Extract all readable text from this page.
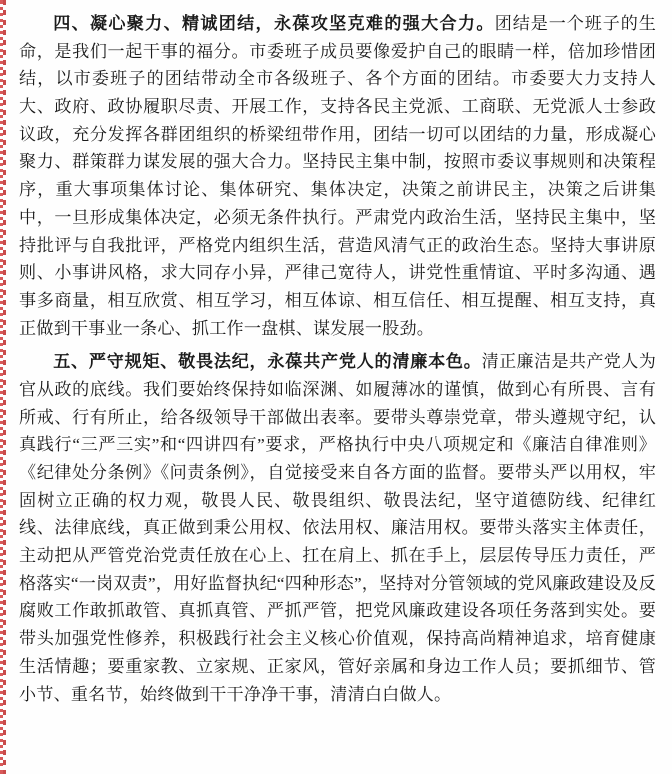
四、凝心聚力、精诚团结，永葆攻坚克难的强大合力。团结是一个班子的生命，是我们一起干事的福分。市委班子成员要像爱护自己的眼睛一样，倍加珍惜团结，以市委班子的团结带动全市各级班子、各个方面的团结。市委要大力支持人大、政府、政协履职尽责、开展工作，支持各民主党派、工商联、无党派人士参政议政，充分发挥各群团组织的桥梁纽带作用，团结一切可以团结的力量，形成凝心聚力、群策群力谋发展的强大合力。坚持民主集中制，按照市委议事规则和决策程序，重大事项集体讨论、集体研究、集体决定，决策之前讲民主，决策之后讲集中，一旦形成集体决定，必须无条件执行。严肃党内政治生活，坚持民主集中，坚持批评与自我批评，严格党内组织生活，营造风清气正的政治生态。坚持大事讲原则、小事讲风格，求大同存小异，严律己宽待人，讲党性重情谊、平时多沟通、遇事多商量，相互欣赏、相互学习，相互体谅、相互信任、相互提醒、相互支持，真正做到干事业一条心、抓工作一盘棋、谋发展一股劲。

五、严守规矩、敬畏法纪，永葆共产党人的清廉本色。清正廉洁是共产党人为官从政的底线。我们要始终保持如临深渊、如履薄冰的谨慎，做到心有所畏、言有所戒、行有所止，给各级领导干部做出表率。要带头尊崇党章，带头遵规守纪，认真践行“三严三实”和“四讲四有”要求，严格执行中央八项规定和《廉洁自律准则》《纪律处分条例》《问责条例》，自觉接受来自各方面的监督。要带头严以用权，牢固树立正确的权力观，敬畏人民、敬畏组织、敬畏法纪，坚守道德防线、纪律红线、法律底线，真正做到秉公用权、依法用权、廉洁用权。要带头落实主体责任，主动把从严管党治党责任放在心上、扛在肩上、抓在手上，层层传导压力责任，严格落实“一岗双责”，用好监督执纪“四种形态”，坚持对分管领域的党风廉政建设及反腐败工作敢抓敢管、真抓真管、严抓严管，把党风廉政建设各项任务落到实处。要带头加强党性修养，积极践行社会主义核心价值观，保持高尚精神追求，培育健康生活情趣；要重家教、立家规、正家风，管好亲属和身边工作人员；要抓细节、管小节、重名节，始终做到干干净净干事，清清白白做人。
